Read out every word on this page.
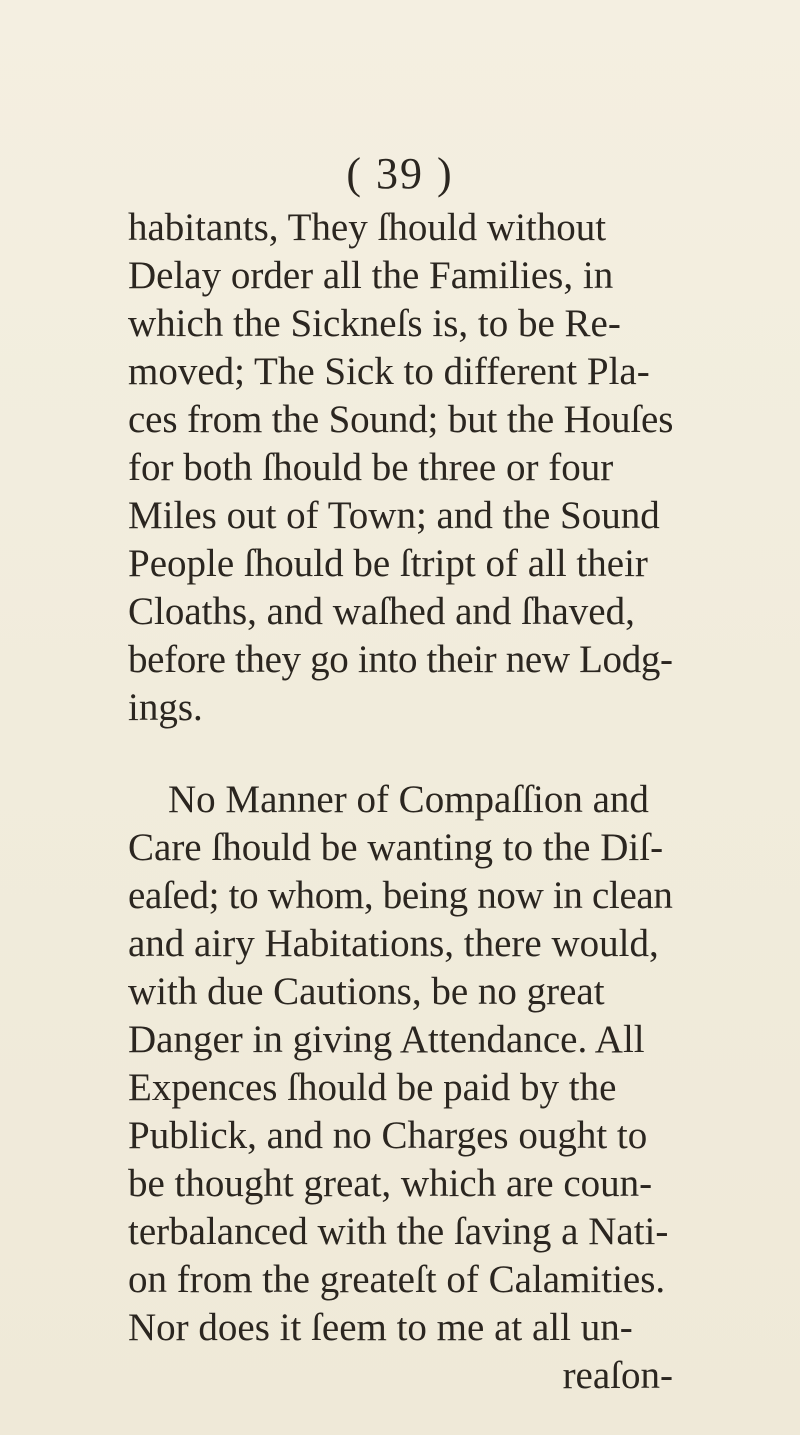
( 39 )
habitants, They ſhould without
Delay order all the Families, in
which the Sickneſs is, to be Re-
moved; The Sick to different Pla-
ces from the Sound; but the Houſes
for both ſhould be three or four
Miles out of Town; and the Sound
People ſhould be ſtript of all their
Cloaths, and waſhed and ſhaved,
before they go into their new Lodg-
ings.
No Manner of Compaſſion and
Care ſhould be wanting to the Diſ-
eaſed; to whom, being now in clean
and airy Habitations, there would,
with due Cautions, be no great
Danger in giving Attendance. All
Expences ſhould be paid by the
Publick, and no Charges ought to
be thought great, which are coun-
terbalanced with the ſaving a Nati-
on from the greateſt of Calamities.
Nor does it ſeem to me at all un-
reaſon-
